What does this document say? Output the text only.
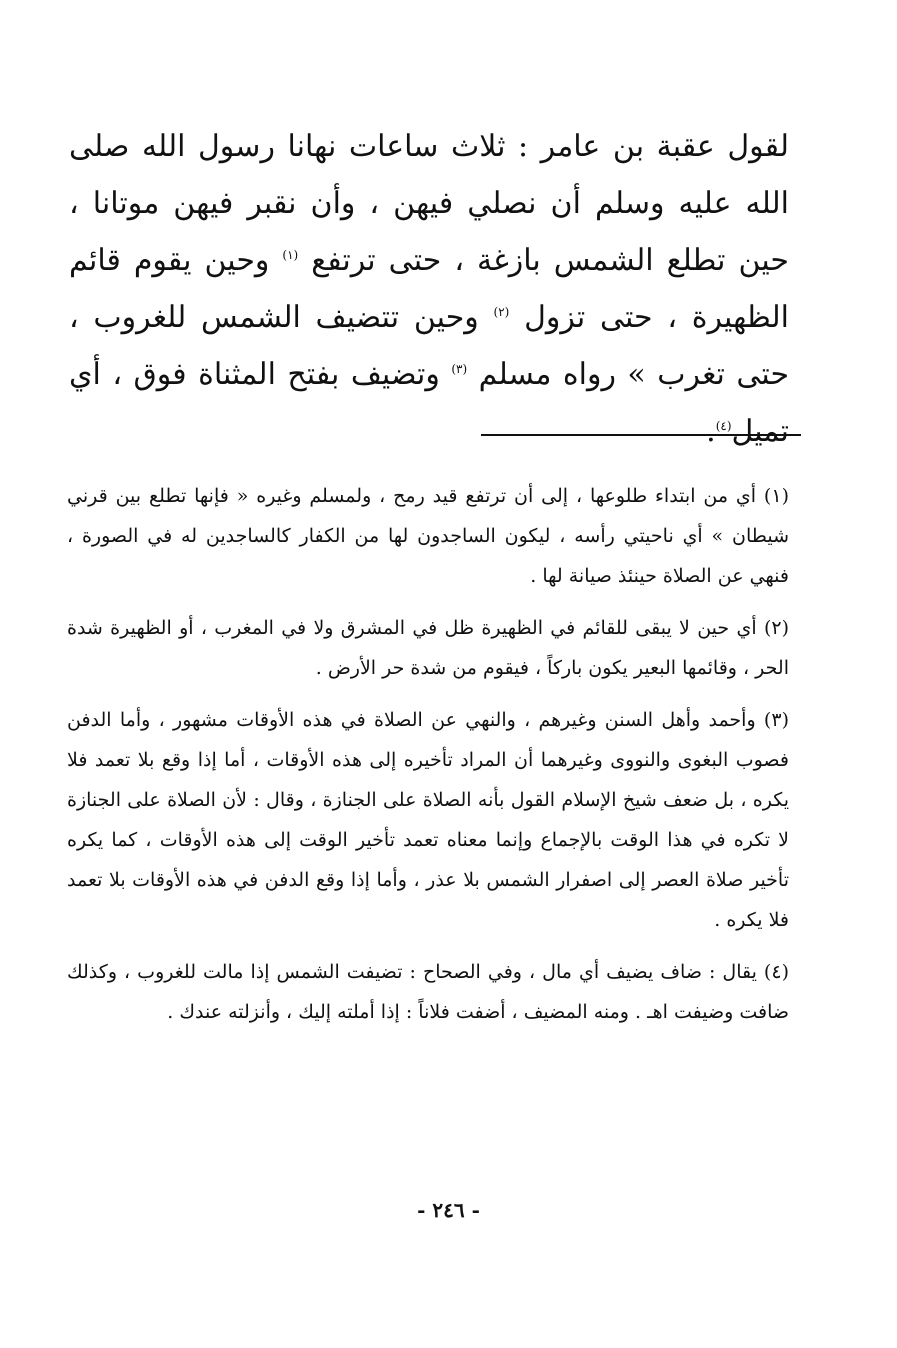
لقول عقبة بن عامر : ثلاث ساعات نهانا رسول الله صلى الله عليه وسلم أن نصلي فيهن ، وأن نقبر فيهن موتانا ، حين تطلع الشمس بازغة ، حتى ترتفع $^{(١)}$ وحين يقوم قائم الظهيرة ، حتى تزول $^{(٢)}$ وحين تتضيف الشمس للغروب ، حتى تغرب » رواه مسلم $^{(٣)}$ وتضيف بفتح المثناة فوق ، أي تميل$^{(٤)}$.

(١) أي من ابتداء طلوعها ، إلى أن ترتفع قيد رمح ، ولمسلم وغيره « فإنها تطلع بين قرني شيطان » أي ناحيتي رأسه ، ليكون الساجدون لها من الكفار كالساجدين له في الصورة ، فنهي عن الصلاة حينئذ صيانة لها .

(٢) أي حين لا يبقى للقائم في الظهيرة ظل في المشرق ولا في المغرب ، أو الظهيرة شدة الحر ، وقائمها البعير يكون باركاً ، فيقوم من شدة حر الأرض .

(٣) وأحمد وأهل السنن وغيرهم ، والنهي عن الصلاة في هذه الأوقات مشهور ، وأما الدفن فصوب البغوى والنووى وغيرهما أن المراد تأخيره إلى هذه الأوقات ، أما إذا وقع بلا تعمد فلا يكره ، بل ضعف شيخ الإسلام القول بأنه الصلاة على الجنازة ، وقال : لأن الصلاة على الجنازة لا تكره في هذا الوقت بالإجماع وإنما معناه تعمد تأخير الوقت إلى هذه الأوقات ، كما يكره تأخير صلاة العصر إلى اصفرار الشمس بلا عذر ، وأما إذا وقع الدفن في هذه الأوقات بلا تعمد فلا يكره .

(٤) يقال : ضاف يضيف أي مال ، وفي الصحاح : تضيفت الشمس إذا مالت للغروب ، وكذلك ضافت وضيفت اهـ . ومنه المضيف ، أضفت فلاناً : إذا أملته إليك ، وأنزلته عندك .

- ٢٤٦ -
